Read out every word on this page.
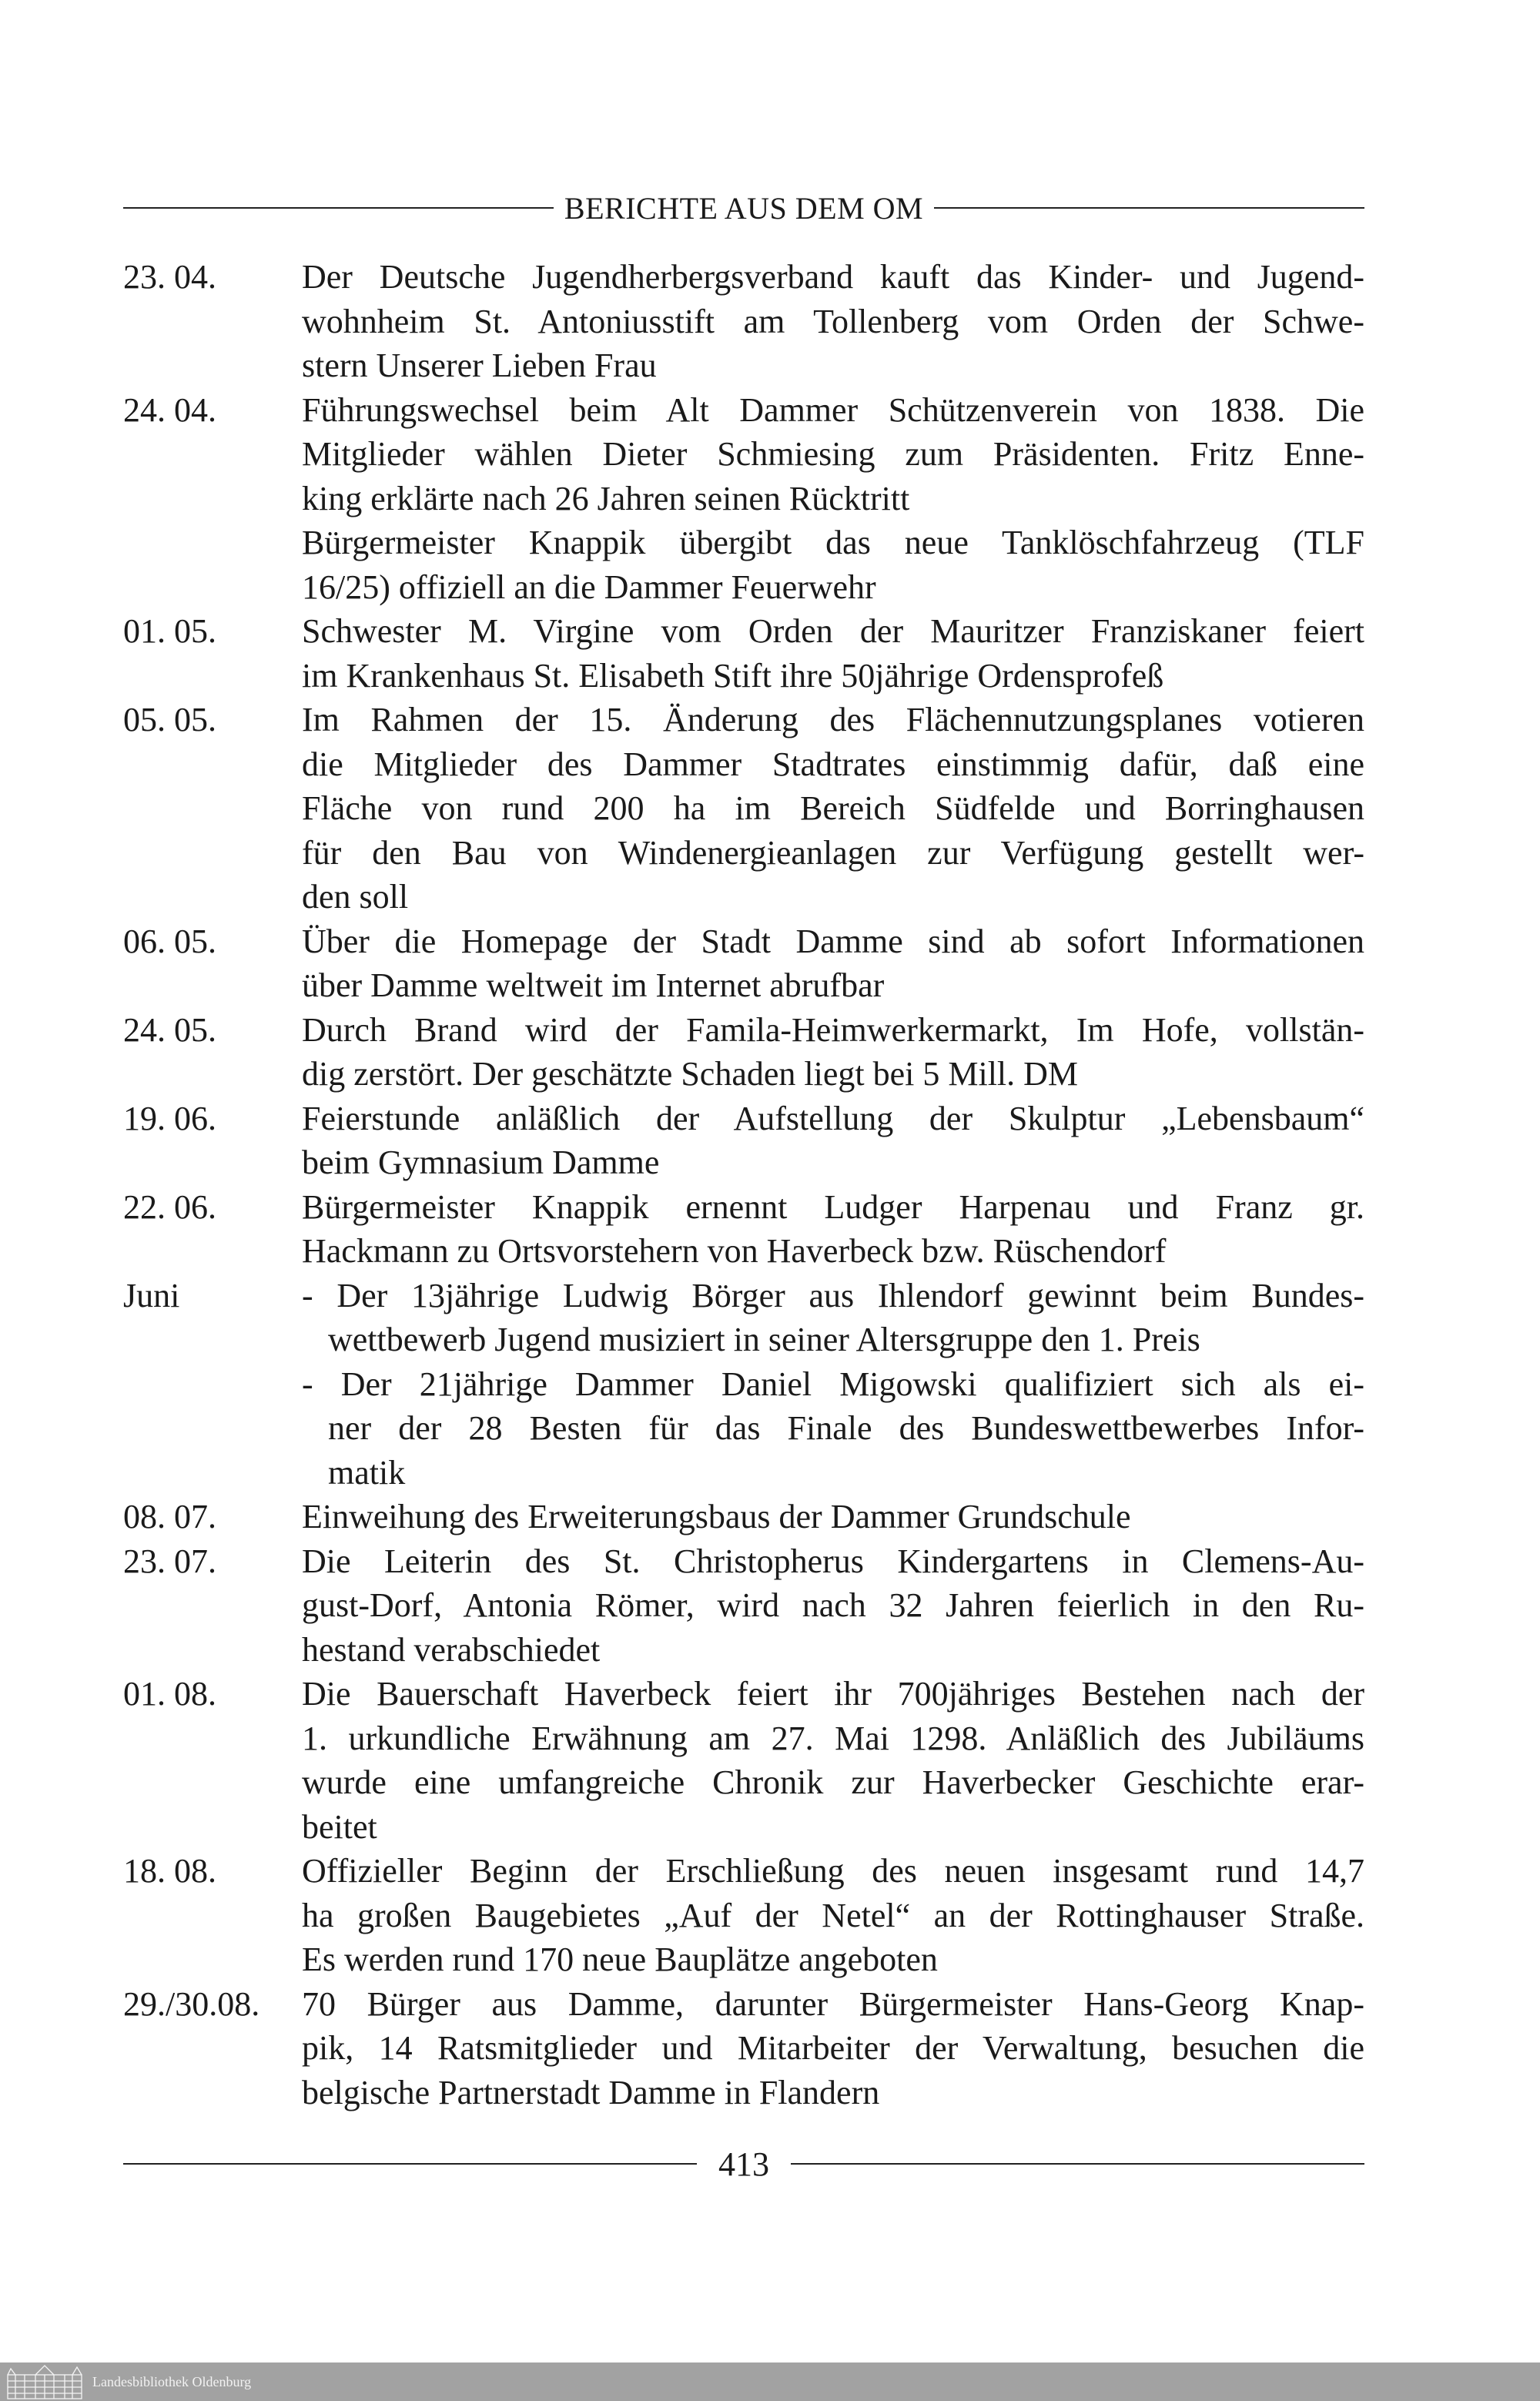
BERICHTE AUS DEM OM
23. 04.	Der Deutsche Jugendherbergsverband kauft das Kinder- und Jugend-
wohnheim St. Antoniusstift am Tollenberg vom Orden der Schwe-
stern Unserer Lieben Frau
24. 04.	Führungswechsel beim Alt Dammer Schützenverein von 1838. Die
Mitglieder wählen Dieter Schmiesing zum Präsidenten. Fritz Enne-
king erklärte nach 26 Jahren seinen Rücktritt
Bürgermeister Knappik übergibt das neue Tanklöschfahrzeug (TLF
16/25) offiziell an die Dammer Feuerwehr
01. 05.	Schwester M. Virgine vom Orden der Mauritzer Franziskaner feiert
im Krankenhaus St. Elisabeth Stift ihre 50jährige Ordensprofeß
05. 05.	Im Rahmen der 15. Änderung des Flächennutzungsplanes votieren
die Mitglieder des Dammer Stadtrates einstimmig dafür, daß eine
Fläche von rund 200 ha im Bereich Südfelde und Borringhausen
für den Bau von Windenergieanlagen zur Verfügung gestellt wer-
den soll
06. 05.	Über die Homepage der Stadt Damme sind ab sofort Informationen
über Damme weltweit im Internet abrufbar
24. 05.	Durch Brand wird der Famila-Heimwerkermarkt, Im Hofe, vollstän-
dig zerstört. Der geschätzte Schaden liegt bei 5 Mill. DM
19. 06.	Feierstunde anläßlich der Aufstellung der Skulptur „Lebensbaum“
beim Gymnasium Damme
22. 06.	Bürgermeister Knappik ernennt Ludger Harpenau und Franz gr.
Hackmann zu Ortsvorstehern von Haverbeck bzw. Rüschendorf
Juni	- Der 13jährige Ludwig Börger aus Ihlendorf gewinnt beim Bundes-
wettbewerb Jugend musiziert in seiner Altersgruppe den 1. Preis
- Der 21jährige Dammer Daniel Migowski qualifiziert sich als ei-
ner der 28 Besten für das Finale des Bundeswettbewerbes Infor-
matik
08. 07.	Einweihung des Erweiterungsbaus der Dammer Grundschule
23. 07.	Die Leiterin des St. Christopherus Kindergartens in Clemens-Au-
gust-Dorf, Antonia Römer, wird nach 32 Jahren feierlich in den Ru-
hestand verabschiedet
01. 08.	Die Bauerschaft Haverbeck feiert ihr 700jähriges Bestehen nach der
1. urkundliche Erwähnung am 27. Mai 1298. Anläßlich des Jubiläums
wurde eine umfangreiche Chronik zur Haverbecker Geschichte erar-
beitet
18. 08.	Offizieller Beginn der Erschließung des neuen insgesamt rund 14,7
ha großen Baugebietes „Auf der Netel“ an der Rottinghauser Straße.
Es werden rund 170 neue Bauplätze angeboten
29./30.08.	70 Bürger aus Damme, darunter Bürgermeister Hans-Georg Knap-
pik, 14 Ratsmitglieder und Mitarbeiter der Verwaltung, besuchen die
belgische Partnerstadt Damme in Flandern
413
Landesbibliothek Oldenburg
